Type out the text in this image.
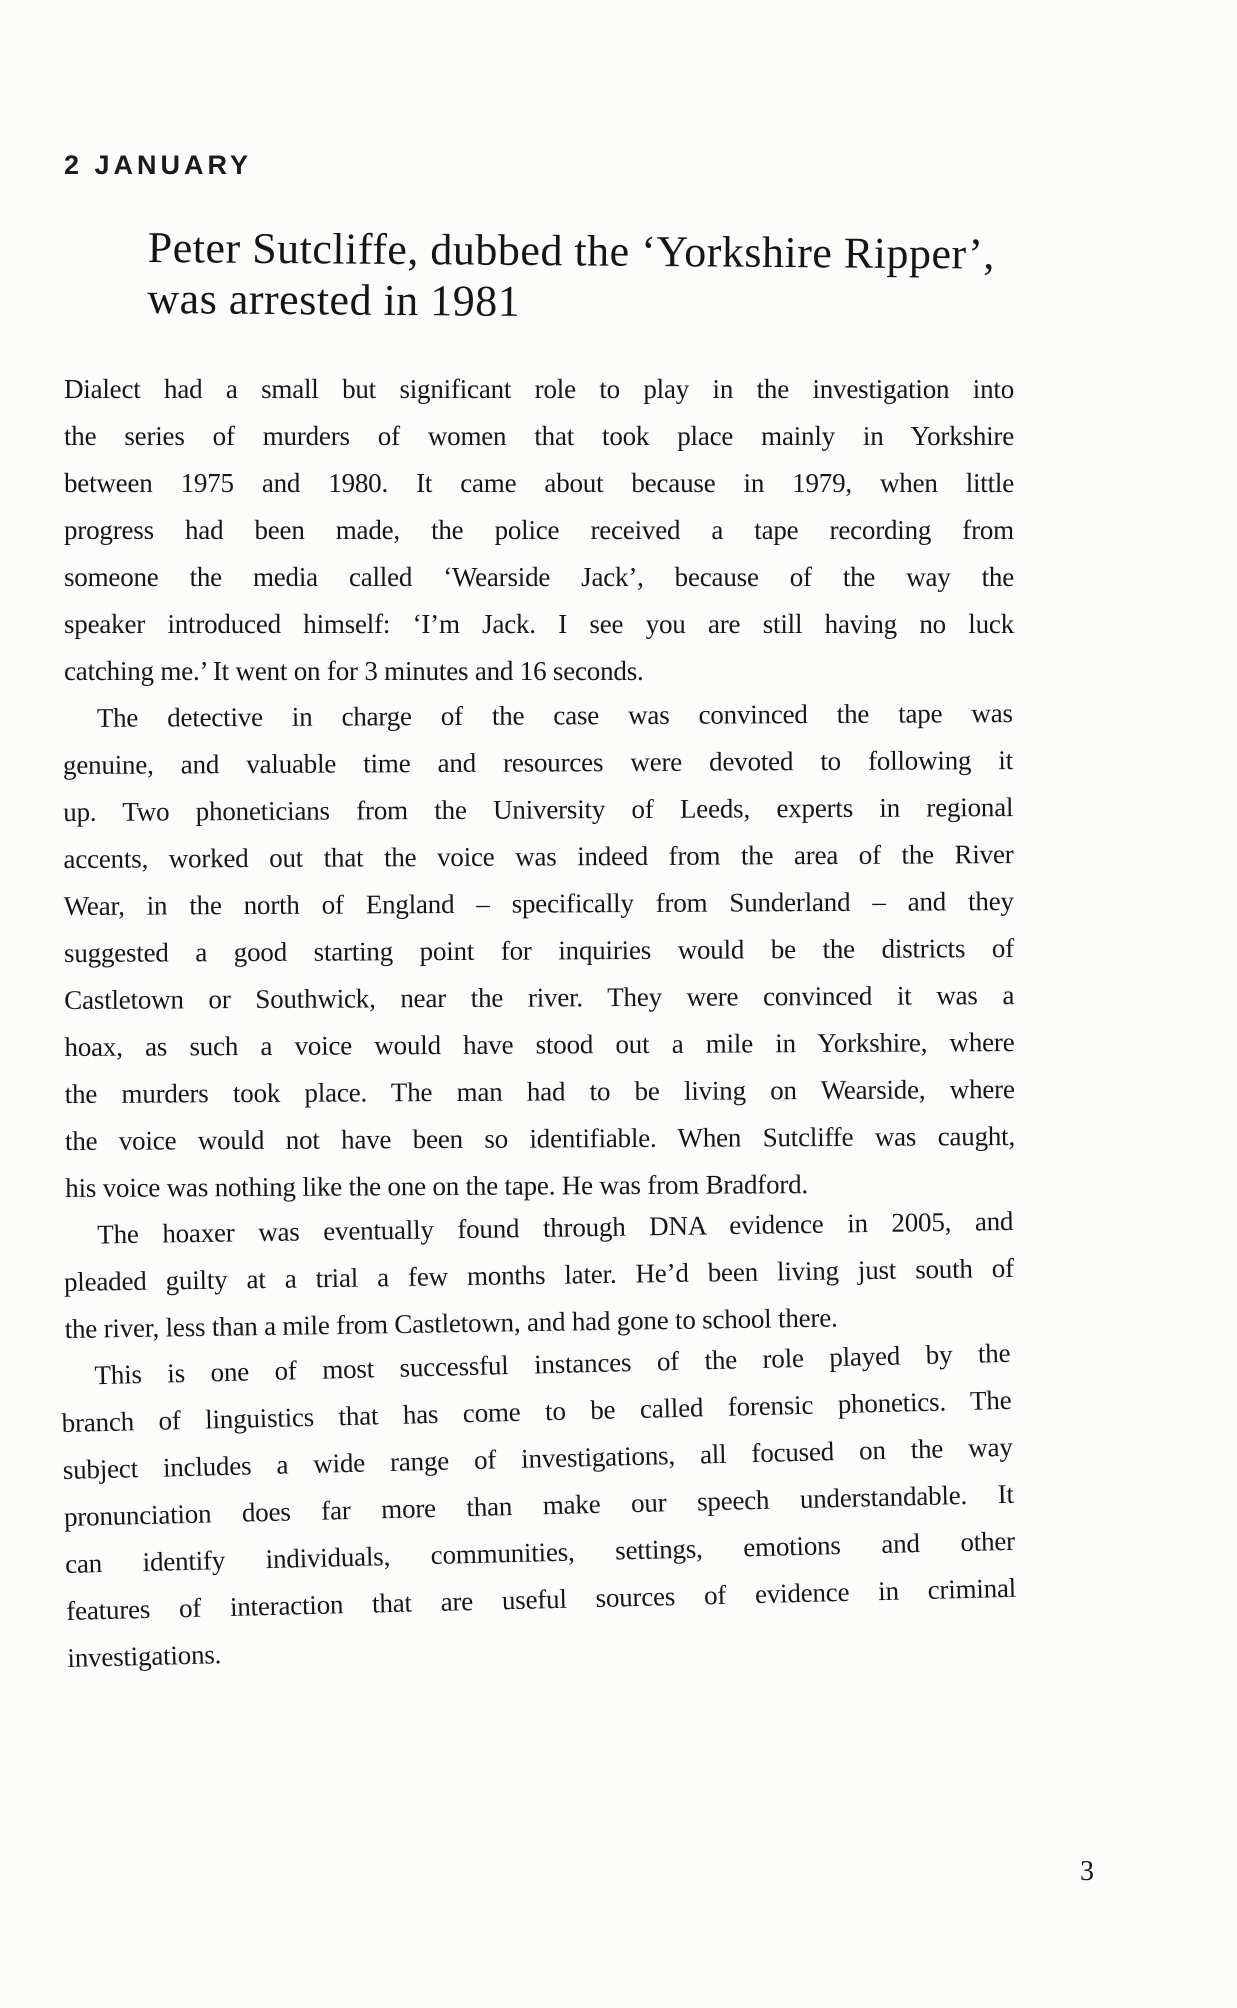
2 JANUARY
Peter Sutcliffe, dubbed the ‘Yorkshire Ripper’,
was arrested in 1981

Dialect had a small but significant role to play in the investigation into
the series of murders of women that took place mainly in Yorkshire
between 1975 and 1980. It came about because in 1979, when little
progress had been made, the police received a tape recording from
someone the media called ‘Wearside Jack’, because of the way the
speaker introduced himself: ‘I’m Jack. I see you are still having no luck
catching me.’ It went on for 3 minutes and 16 seconds.

The detective in charge of the case was convinced the tape was
genuine, and valuable time and resources were devoted to following it
up. Two phoneticians from the University of Leeds, experts in regional
accents, worked out that the voice was indeed from the area of the River
Wear, in the north of England – specifically from Sunderland – and they
suggested a good starting point for inquiries would be the districts of
Castletown or Southwick, near the river. They were convinced it was a
hoax, as such a voice would have stood out a mile in Yorkshire, where
the murders took place. The man had to be living on Wearside, where
the voice would not have been so identifiable. When Sutcliffe was caught,
his voice was nothing like the one on the tape. He was from Bradford.

The hoaxer was eventually found through DNA evidence in 2005, and
pleaded guilty at a trial a few months later. He’d been living just south of
the river, less than a mile from Castletown, and had gone to school there.

This is one of most successful instances of the role played by the
branch of linguistics that has come to be called forensic phonetics. The
subject includes a wide range of investigations, all focused on the way
pronunciation does far more than make our speech understandable. It
can identify individuals, communities, settings, emotions and other
features of interaction that are useful sources of evidence in criminal
investigations.

3
